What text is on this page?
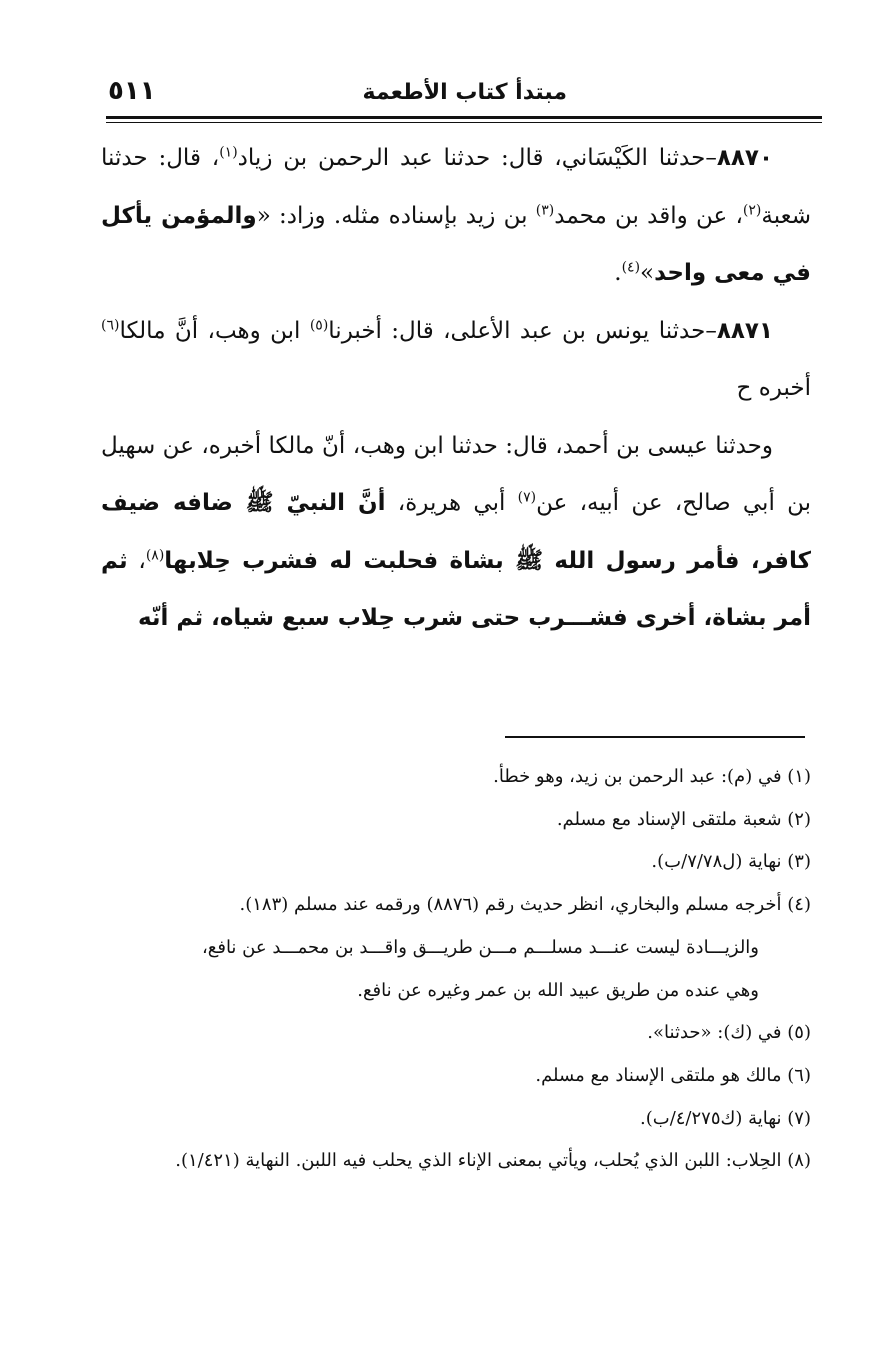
مبتدأ كتاب الأطعمة
٥١١

٨٨٧٠–حدثنا الكَيْسَاني، قال: حدثنا عبد الرحمن بن زياد$^{(١)}$، قال: حدثنا شعبة$^{(٢)}$، عن واقد بن محمد$^{(٣)}$ بن زيد بإسناده مثله. وزاد: «والمؤمن يأكل في معى واحد»$^{(٤)}$.

٨٨٧١–حدثنا يونس بن عبد الأعلى، قال: أخبرنا$^{(٥)}$ ابن وهب، أنَّ مالكا$^{(٦)}$ أخبره ح

وحدثنا عيسى بن أحمد، قال: حدثنا ابن وهب، أنّ مالكا أخبره، عن سهيل بن أبي صالح، عن أبيه، عن$^{(٧)}$ أبي هريرة، أنَّ النبيّ ﷺ ضافه ضيف كافر، فأمر رسول الله ﷺ بشاة فحلبت له فشرب حِلابها$^{(٨)}$، ثم أمر بشاة، أخرى فشـــرب حتى شرب حِلاب سبع شياه، ثم أنّه

(١) في (م): عبد الرحمن بن زيد، وهو خطأ.

(٢) شعبة ملتقى الإسناد مع مسلم.

(٣) نهاية (ل٧/٧٨/ب).

(٤) أخرجه مسلم والبخاري، انظر حديث رقم (٨٨٧٦) ورقمه عند مسلم (١٨٣).

والزيـــادة ليست عنـــد مسلـــم مـــن طريـــق واقـــد بن محمـــد عن نافع،

وهي عنده من طريق عبيد الله بن عمر وغيره عن نافع.

(٥) في (ك): «حدثنا».

(٦) مالك هو ملتقى الإسناد مع مسلم.

(٧) نهاية (ك٤/٢٧٥/ب).

(٨) الحِلاب: اللبن الذي يُحلب، ويأتي بمعنى الإناء الذي يحلب فيه اللبن. النهاية (١/٤٢١).
